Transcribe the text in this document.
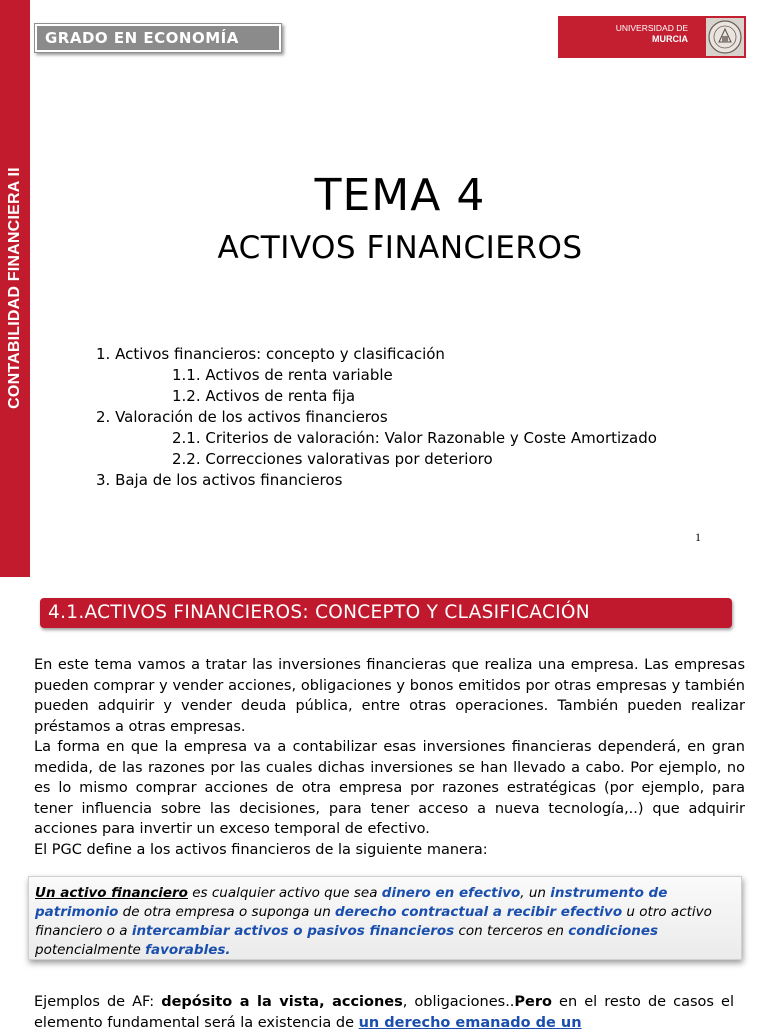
CONTABILIDAD FINANCIERA II
GRADO EN ECONOMÍA
UNIVERSIDAD DE
MURCIA
TEMA 4
ACTIVOS FINANCIEROS
1. Activos financieros: concepto y clasificación
1.1. Activos de renta variable
1.2. Activos de renta fija
2. Valoración de los activos financieros
2.1. Criterios de valoración: Valor Razonable y Coste Amortizado
2.2. Correcciones valorativas por deterioro
3. Baja de los activos financieros
1
4.1.ACTIVOS FINANCIEROS: CONCEPTO Y CLASIFICACIÓN

En este tema vamos a tratar las inversiones financieras que realiza una empresa. Las empresas pueden comprar y vender acciones, obligaciones y bonos emitidos por otras empresas y también pueden adquirir y vender deuda pública, entre otras operaciones. También pueden realizar préstamos a otras empresas.

La forma en que la empresa va a contabilizar esas inversiones financieras dependerá, en gran medida, de las razones por las cuales dichas inversiones se han llevado a cabo. Por ejemplo, no es lo mismo comprar acciones de otra empresa por razones estratégicas (por ejemplo, para tener influencia sobre las decisiones, para tener acceso a nueva tecnología,..) que adquirir acciones para invertir un exceso temporal de efectivo.

El PGC define a los activos financieros de la siguiente manera:

Un activo financiero es cualquier activo que sea dinero en efectivo, un instrumento de patrimonio de otra empresa o suponga un derecho contractual a recibir efectivo u otro activo financiero o a intercambiar activos o pasivos financieros con terceros en condiciones potencialmente favorables.
Ejemplos de AF: depósito a la vista, acciones, obligaciones..Pero en el resto de casos el elemento fundamental será la existencia de un derecho emanado de un
